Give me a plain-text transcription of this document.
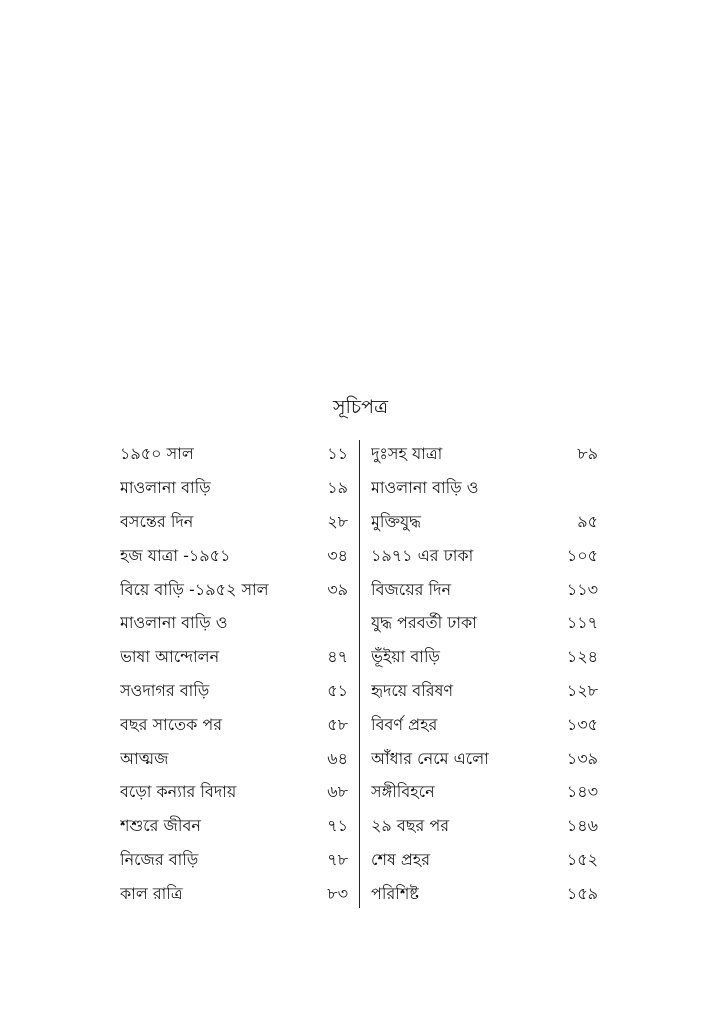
সূচিপত্র
১৯৫০ সাল	১১
মাওলানা বাড়ি	১৯
বসন্তের দিন	২৮
হজ যাত্রা -১৯৫১	৩৪
বিয়ে বাড়ি -১৯৫২ সাল	৩৯
মাওলানা বাড়ি ও
ভাষা আন্দোলন	৪৭
সওদাগর বাড়ি	৫১
বছর সাতেক পর	৫৮
আত্মজ	৬৪
বড়ো কন্যার বিদায়	৬৮
শশুরে জীবন	৭১
নিজের বাড়ি	৭৮
কাল রাত্রি	৮৩
দুঃসহ যাত্রা	৮৯
মাওলানা বাড়ি ও
মুক্তিযুদ্ধ	৯৫
১৯৭১ এর ঢাকা	১০৫
বিজয়ের দিন	১১৩
যুদ্ধ পরবর্তী ঢাকা	১১৭
ভূঁইয়া বাড়ি	১২৪
হৃদয়ে বরিষণ	১২৮
বিবর্ণ প্রহর	১৩৫
আঁধার নেমে এলো	১৩৯
সঙ্গীবিহনে	১৪৩
২৯ বছর পর	১৪৬
শেষ প্রহর	১৫২
পরিশিষ্ট	১৫৯
